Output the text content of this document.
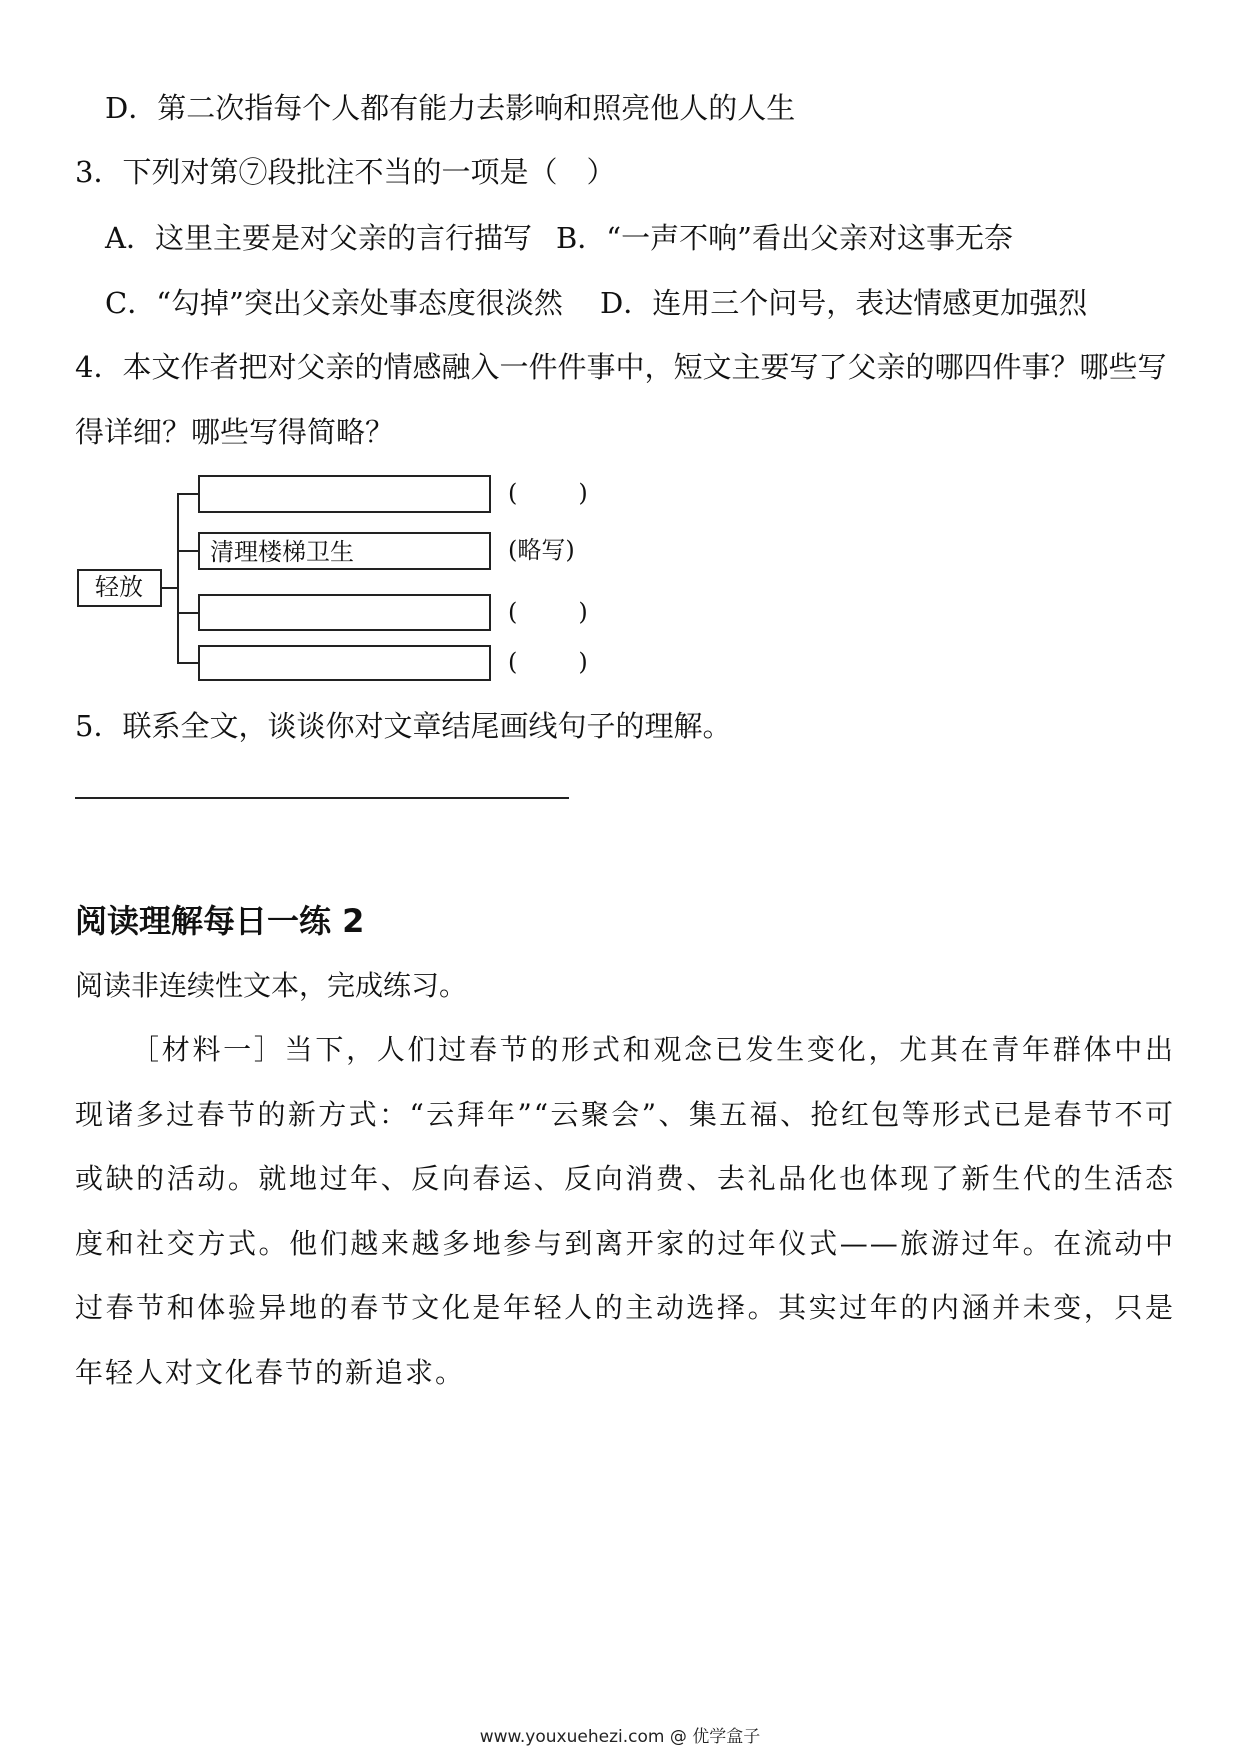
D．第二次指每个人都有能力去影响和照亮他人的人生
3．下列对第⑦段批注不当的一项是（　）
A．这里主要是对父亲的言行描写 B．“一声不响”看出父亲对这事无奈
C．“勾掉”突出父亲处事态度很淡然 D．连用三个问号，表达情感更加强烈
4．本文作者把对父亲的情感融入一件件事中，短文主要写了父亲的哪四件事？哪些写
得详细？哪些写得简略？
轻放
清理楼梯卫生
(        )
(略写)
(        )
(        )
5．联系全文，谈谈你对文章结尾画线句子的理解。
阅读理解每日一练 2
阅读非连续性文本，完成练习。
［材料一］当下，人们过春节的形式和观念已发生变化，尤其在青年群体中出现诸多过春节的新方式：“云拜年”“云聚会”、集五福、抢红包等形式已是春节不可或缺的活动。就地过年、反向春运、反向消费、去礼品化也体现了新生代的生活态度和社交方式。他们越来越多地参与到离开家的过年仪式——旅游过年。在流动中过春节和体验异地的春节文化是年轻人的主动选择。其实过年的内涵并未变，只是年轻人对文化春节的新追求。
www.youxuehezi.com @ 优学盒子
